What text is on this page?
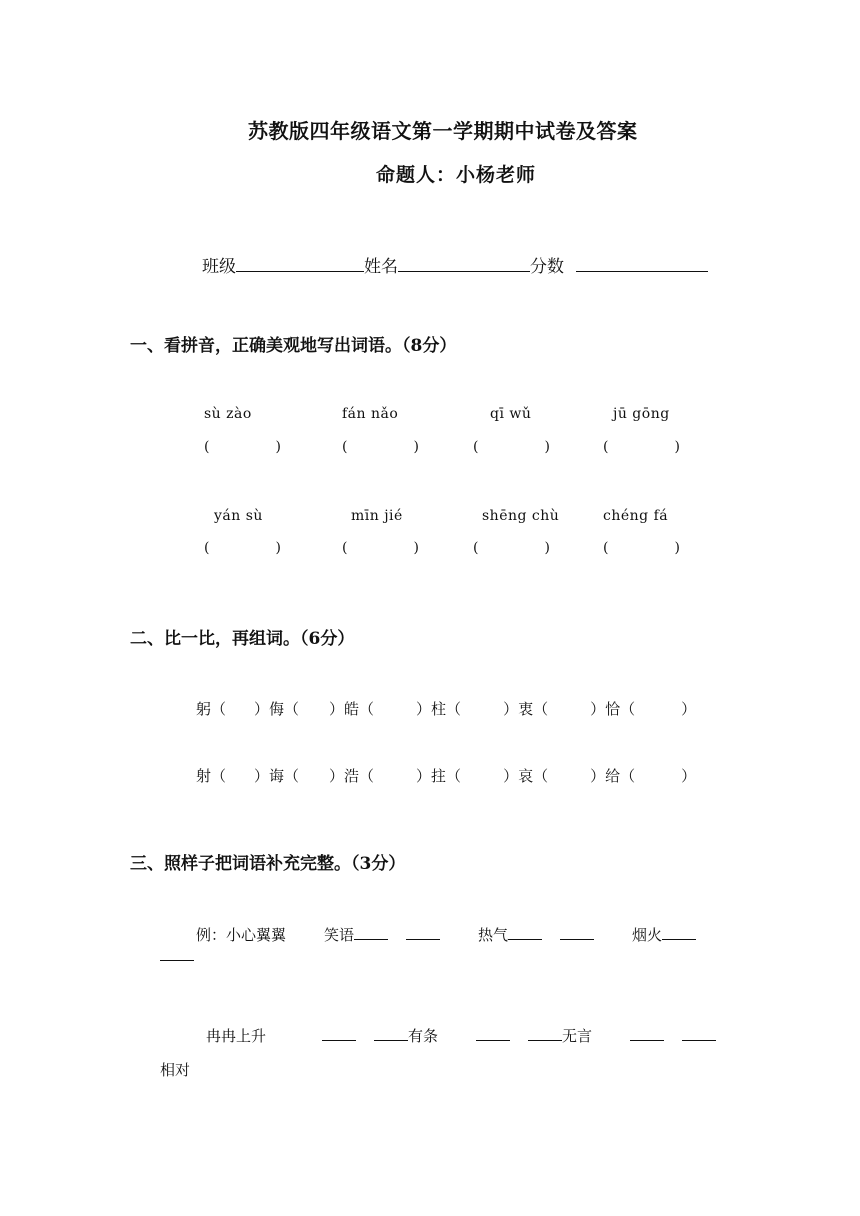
苏教版四年级语文第一学期期中试卷及答案
命题人：小杨老师
班级	姓名	分数
一、看拼音，正确美观地写出词语。（8分）
sù zào	fán nǎo	qī wǔ	jū gōng
(	)	(	)	(	)	(	)
yán sù	mīn jié	shēng chù	chéng fá
(	)	(	)	(	)	(	)
二、比一比，再组词。（6分）
躬（ ）侮（ ）皓（	）柱（	）衷（	）恰（	）
射（ ）诲（ ）浩（	）拄（	）哀（	）给（	）
三、照样子把词语补充完整。（3分）
例：小心翼翼	笑语	热气	烟火
冉冉上升	有条	无言
相对
